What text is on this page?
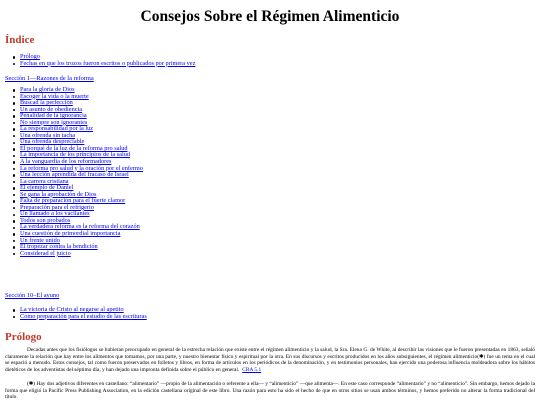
Consejos Sobre el Régimen Alimenticio
Índice
Prólogo
Fechas en que los trozos fueron escritos o publicados por primera vez
Sección 1—Razones de la reforma
Para la gloria de Dios
Escoger la vida o la muerte
Buscad la perfección
Un asunto de obediencia
Penalidad de la ignorancia
No siempre son ignorantes
La responsabilidad por la luz
Una ofrenda sin tacha
Una ofrenda despreciable
El porqué de la luz de la reforma pro salud
La importancia de los principios de la salud
A la vanguardia de los reformadores
La reforma pro salud y la oración por el enfermo
Una lección aprendida del fracaso de Israel
La carrera cristiana
El ejemplo de Daniel
Se gana la aprobación de Dios
Falta de preparación para el fuerte clamor
Preparación para el refrigerio
Un llamado a los vacilantes
Todos son probados
La verdadera reforma es la reforma del corazón
Una cuestión de primordial importancia
Un frente unido
El tropezar contra la bendición
Considerad el juicio
Sección 10–El ayuno
La victoria de Cristo al negarse al apetito
Como preparación para el estudio de las escrituras
Prólogo

Decadas antes que los fisiólogos se hubieran preocupado en general de la estrecha relación que existe entre el régimen alimenticio y la salud, la Sra. Elena G. de White, al describir las visiones que le fueron presentadas en 1863, señaló claramente la relación que hay entre los alimentos que tomamos, por una parte, y nuestro bienestar físico y espiritual por la otra. En sus discursos y escritos producidos en los años subsiguientes, el régimen alimenticio(✱) fue un tema en el cual se espació a menudo. Estos consejos, tal como fueron preservados en folletos y libros, en forma de artículos en los periódicos de la denominación, y en testimonios personales, han ejercido una poderosa influencia moldeadora sobre los hábitos dietéticos de los adventistas del séptimo día, y han dejado una impronta definida sobre el público en general. CRA 5.1

(✱) Hay dos adjetivos diferentes en castellano: “alimentario” —propio de la alimentación o referente a ella— y “alimenticio” —que alimenta—. En este caso corresponde “alimentario” y no “alimenticio”. Sin embargo, hemos dejado la forma que eligió la Pacific Press Publishing Association, en la edición castellana original de este libro. Una razón para esto ha sido el hecho de que en otros sitios se usan ambos términos, y hemos preferido no alterar la forma tradicional del título.
